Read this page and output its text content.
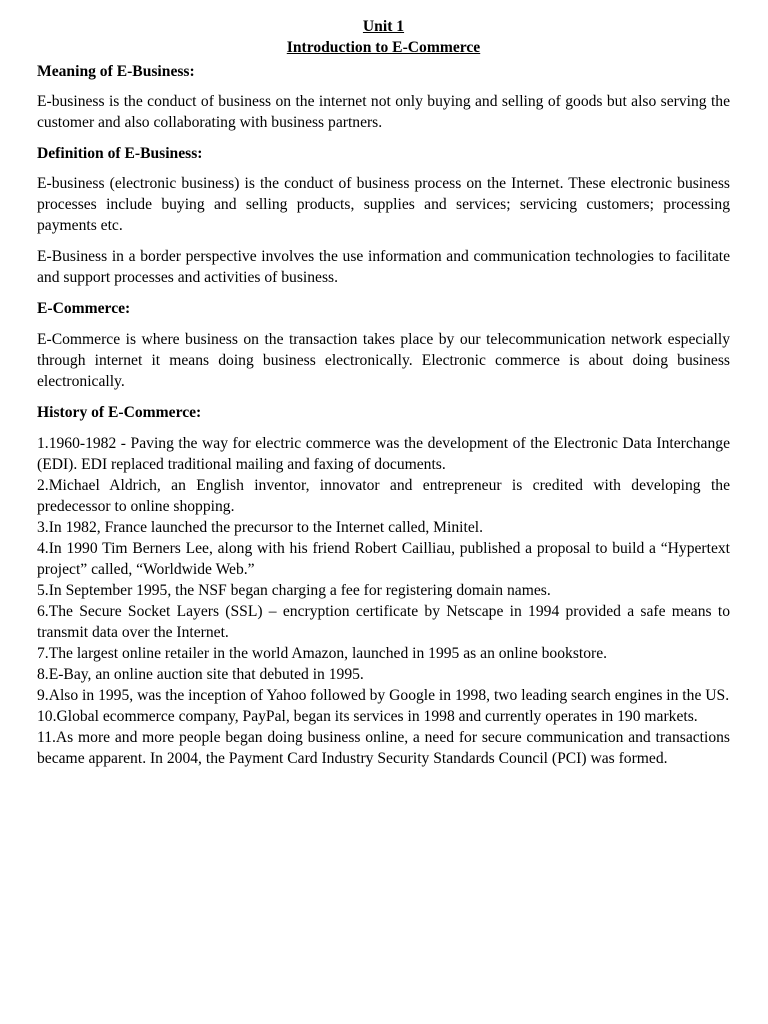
Unit 1

Introduction to E-Commerce

Meaning of E-Business:

E-business is the conduct of business on the internet not only buying and selling of goods but also serving the customer and also collaborating with business partners.

Definition of E-Business:

E-business (electronic business) is the conduct of business process on the Internet. These electronic business processes include buying and selling products, supplies and services; servicing customers; processing payments etc.

E-Business in a border perspective involves the use information and communication technologies to facilitate and support processes and activities of business.

E-Commerce:

E-Commerce is where business on the transaction takes place by our telecommunication network especially through internet it means doing business electronically. Electronic commerce is about doing business electronically.

History of E-Commerce:

1.1960-1982 - Paving the way for electric commerce was the development of the Electronic Data Interchange (EDI). EDI replaced traditional mailing and faxing of documents.

2.Michael Aldrich, an English inventor, innovator and entrepreneur is credited with developing the predecessor to online shopping.

3.In 1982, France launched the precursor to the Internet called, Minitel.

4.In 1990 Tim Berners Lee, along with his friend Robert Cailliau, published a proposal to build a “Hypertext project” called, “Worldwide Web.”

5.In September 1995, the NSF began charging a fee for registering domain names.

6.The Secure Socket Layers (SSL) – encryption certificate by Netscape in 1994 provided a safe means to transmit data over the Internet.

7.The largest online retailer in the world Amazon, launched in 1995 as an online bookstore.

8.E-Bay, an online auction site that debuted in 1995.

9.Also in 1995, was the inception of Yahoo followed by Google in 1998, two leading search engines in the US.

10.Global ecommerce company, PayPal, began its services in 1998 and currently operates in 190 markets.

11.As more and more people began doing business online, a need for secure communication and transactions became apparent. In 2004, the Payment Card Industry Security Standards Council (PCI) was formed.
